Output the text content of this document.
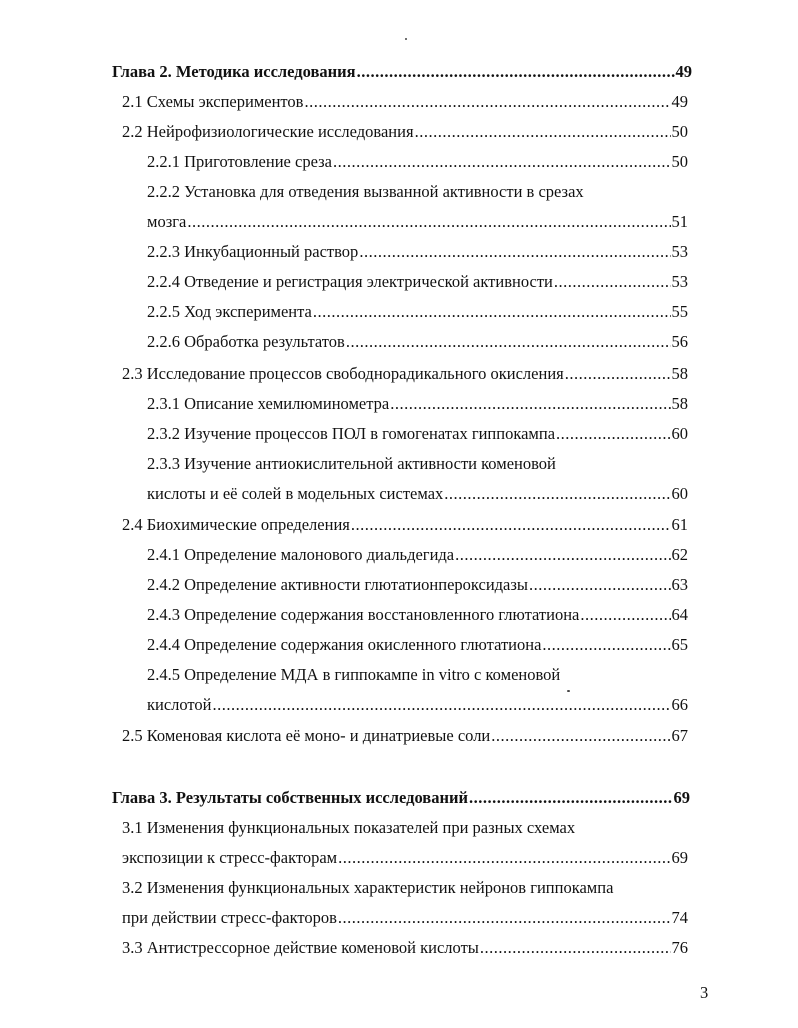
Глава 2. Методика исследования .....	49
2.1 Схемы экспериментов .....	49
2.2 Нейрофизиологические исследования .....	50
2.2.1 Приготовление среза .....	50
2.2.2 Установка для отведения вызванной активности в срезах
мозга .....	51
2.2.3 Инкубационный раствор .....	53
2.2.4 Отведение и регистрация электрической активности .....	53
2.2.5 Ход эксперимента .....	55
2.2.6 Обработка результатов .....	56
2.3 Исследование процессов свободнорадикального окисления .....	58
2.3.1 Описание хемилюминометра .....	58
2.3.2 Изучение процессов ПОЛ в гомогенатах гиппокампа .....	60
2.3.3 Изучение антиокислительной активности коменовой
кислоты и её солей в модельных системах .....	60
2.4 Биохимические определения .....	61
2.4.1 Определение малонового диальдегида .....	62
2.4.2 Определение активности глютатионпероксидазы .....	63
2.4.3 Определение содержания восстановленного глютатиона .....	64
2.4.4 Определение содержания окисленного глютатиона .....	65
2.4.5 Определение МДА в гиппокампе in vitro с коменовой
кислотой .....	66
2.5 Коменовая кислота её моно- и динатриевые соли .....	67
Глава 3. Результаты собственных исследований .....	69
3.1 Изменения функциональных показателей при разных схемах
экспозиции к стресс-факторам .....	69
3.2 Изменения функциональных характеристик нейронов гиппокампа
при действии стресс-факторов .....	74
3.3 Антистрессорное действие коменовой кислоты .....	76
3
